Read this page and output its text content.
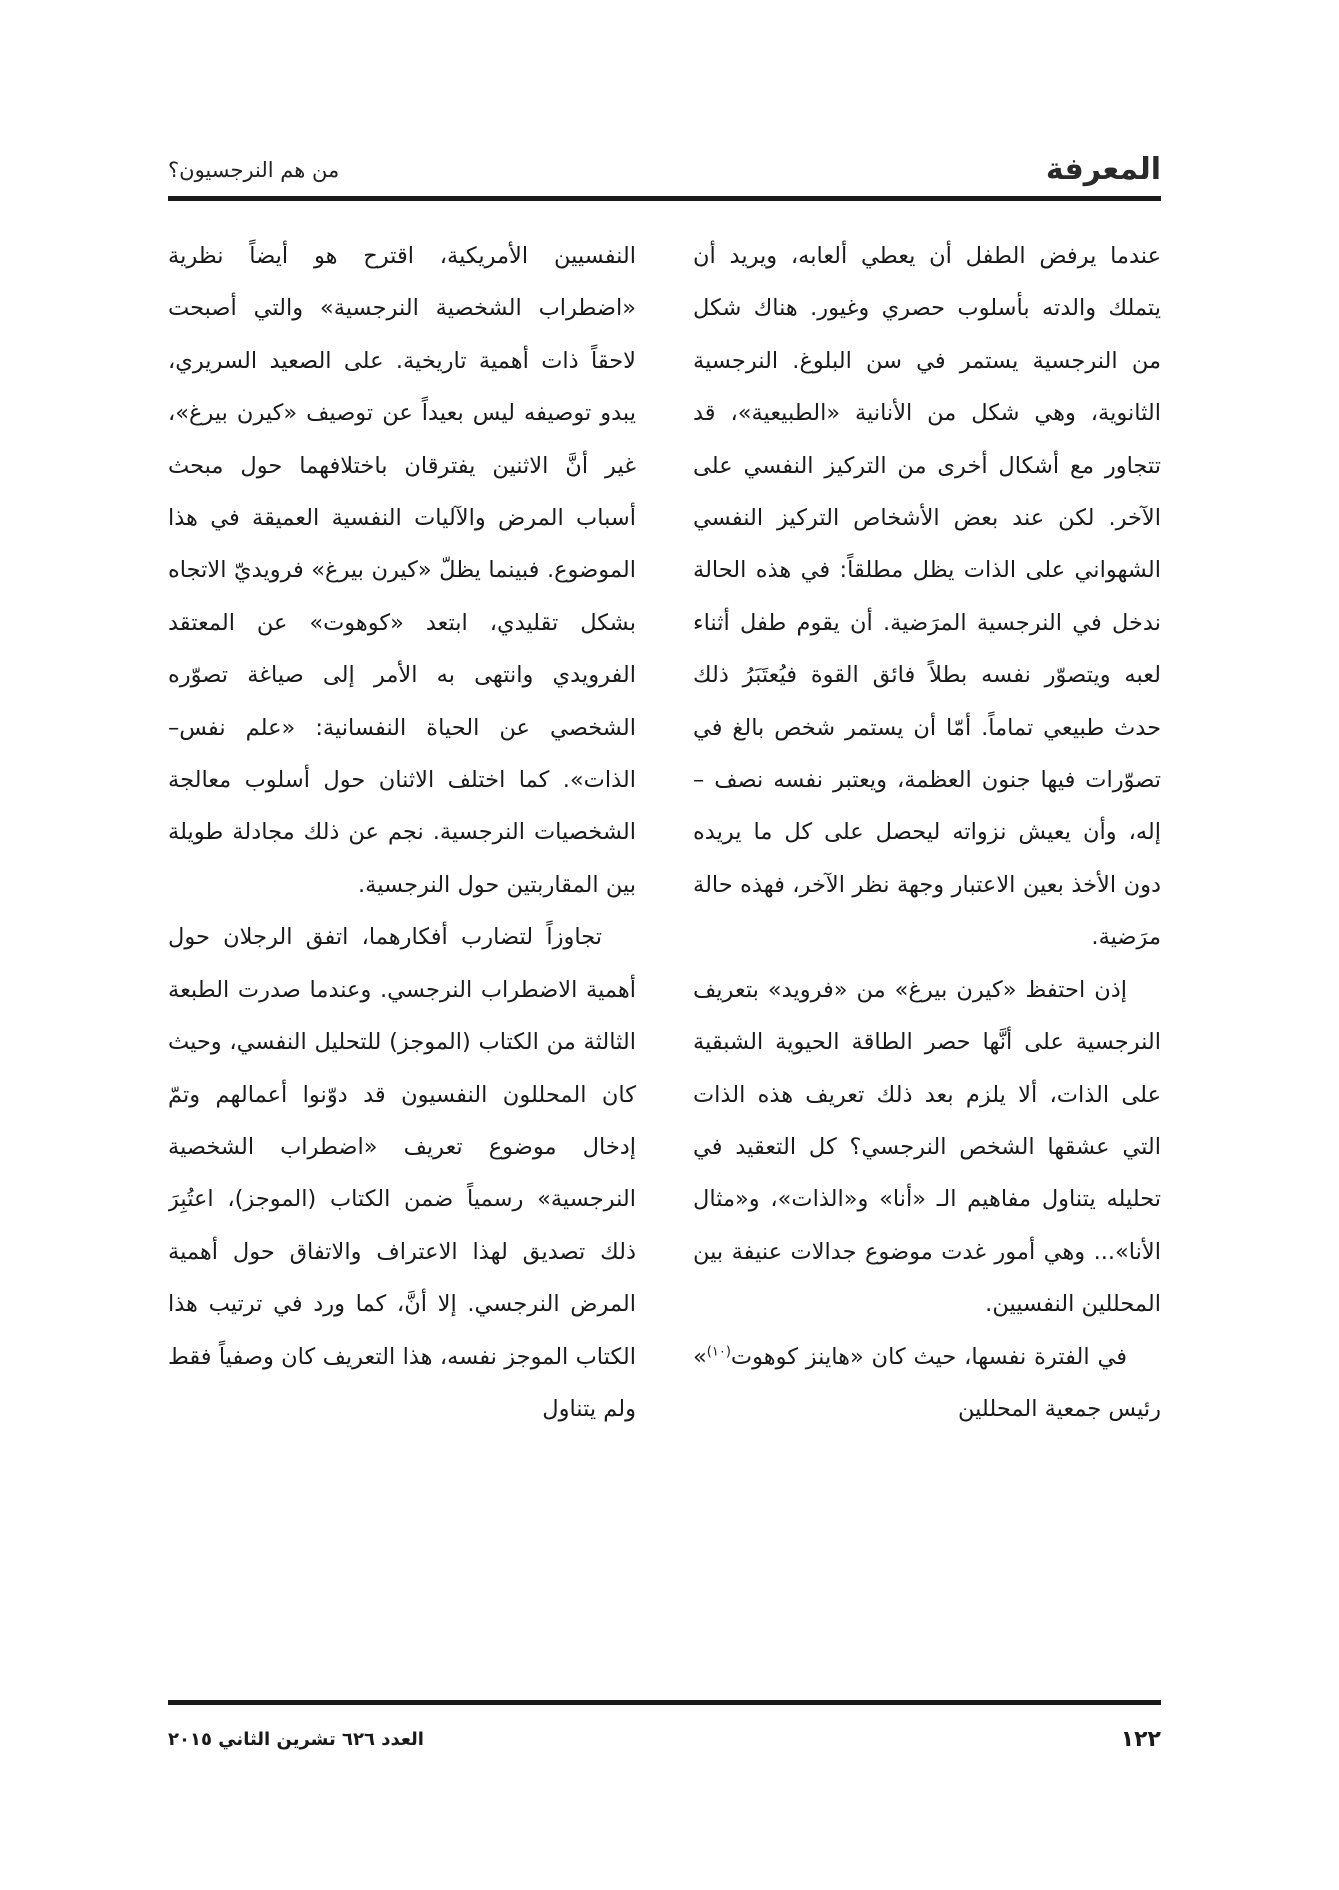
المعرفة
من هم النرجسيون؟

عندما يرفض الطفل أن يعطي ألعابه، ويريد أن يتملك والدته بأسلوب حصري وغيور. هناك شكل من النرجسية يستمر في سن البلوغ. النرجسية الثانوية، وهي شكل من الأنانية «الطبيعية»، قد تتجاور مع أشكال أخرى من التركيز النفسي على الآخر. لكن عند بعض الأشخاص التركيز النفسي الشهواني على الذات يظل مطلقاً: في هذه الحالة ندخل في النرجسية المرَضية. أن يقوم طفل أثناء لعبه ويتصوّر نفسه بطلاً فائق القوة فيُعتَبَرُ ذلك حدث طبيعي تماماً. أمّا أن يستمر شخص بالغ في تصوّرات فيها جنون العظمة، ويعتبر نفسه نصف – إله، وأن يعيش نزواته ليحصل على كل ما يريده دون الأخذ بعين الاعتبار وجهة نظر الآخر، فهذه حالة مرَضية.

إذن احتفظ «كيرن بيرغ» من «فرويد» بتعريف النرجسية على أنَّها حصر الطاقة الحيوية الشبقية على الذات، ألا يلزم بعد ذلك تعريف هذه الذات التي عشقها الشخص النرجسي؟ كل التعقيد في تحليله يتناول مفاهيم الـ «أنا» و«الذات»، و«مثال الأنا»... وهي أمور غدت موضوع جدالات عنيفة بين المحللين النفسيين.

في الفترة نفسها، حيث كان «هاينز كوهوت$^{(١٠)}$» رئيس جمعية المحللين

النفسيين الأمريكية، اقترح هو أيضاً نظرية «اضطراب الشخصية النرجسية» والتي أصبحت لاحقاً ذات أهمية تاريخية. على الصعيد السريري، يبدو توصيفه ليس بعيداً عن توصيف «كيرن بيرغ»، غير أنَّ الاثنين يفترقان باختلافهما حول مبحث أسباب المرض والآليات النفسية العميقة في هذا الموضوع. فبينما يظلّ «كيرن بيرغ» فرويديّ الاتجاه بشكل تقليدي، ابتعد «كوهوت» عن المعتقد الفرويدي وانتهى به الأمر إلى صياغة تصوّره الشخصي عن الحياة النفسانية: «علم نفس–الذات». كما اختلف الاثنان حول أسلوب معالجة الشخصيات النرجسية. نجم عن ذلك مجادلة طويلة بين المقاربتين حول النرجسية.

تجاوزاً لتضارب أفكارهما، اتفق الرجلان حول أهمية الاضطراب النرجسي. وعندما صدرت الطبعة الثالثة من الكتاب (الموجز) للتحليل النفسي، وحيث كان المحللون النفسيون قد دوّنوا أعمالهم وتمّ إدخال موضوع تعريف «اضطراب الشخصية النرجسية» رسمياً ضمن الكتاب (الموجز)، اعتُبِرَ ذلك تصديق لهذا الاعتراف والاتفاق حول أهمية المرض النرجسي. إلا أنَّ، كما ورد في ترتيب هذا الكتاب الموجز نفسه، هذا التعريف كان وصفياً فقط ولم يتناول

١٢٢
العدد ٦٢٦ تشرين الثاني ٢٠١٥
